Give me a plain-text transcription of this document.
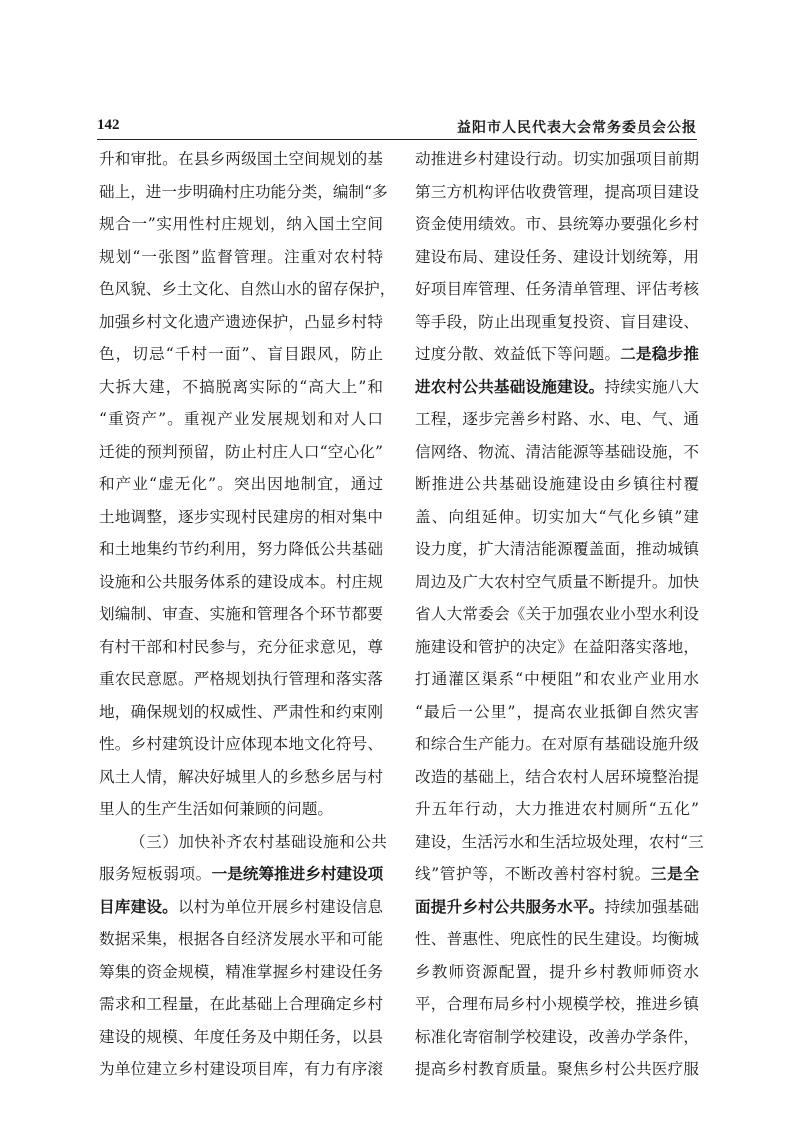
142	益阳市人民代表大会常务委员会公报
升和审批。在县乡两级国土空间规划的基
础上，进一步明确村庄功能分类，编制“多
规合一”实用性村庄规划，纳入国土空间
规划“一张图”监督管理。注重对农村特
色风貌、乡土文化、自然山水的留存保护，
加强乡村文化遗产遗迹保护，凸显乡村特
色，切忌“千村一面”、盲目跟风，防止
大拆大建，不搞脱离实际的“高大上”和
“重资产”。重视产业发展规划和对人口
迁徙的预判预留，防止村庄人口“空心化”
和产业“虚无化”。突出因地制宜，通过
土地调整，逐步实现村民建房的相对集中
和土地集约节约利用，努力降低公共基础
设施和公共服务体系的建设成本。村庄规
划编制、审查、实施和管理各个环节都要
有村干部和村民参与，充分征求意见，尊
重农民意愿。严格规划执行管理和落实落
地，确保规划的权威性、严肃性和约束刚
性。乡村建筑设计应体现本地文化符号、
风土人情，解决好城里人的乡愁乡居与村
里人的生产生活如何兼顾的问题。
（三）加快补齐农村基础设施和公共
服务短板弱项。一是统筹推进乡村建设项
目库建设。以村为单位开展乡村建设信息
数据采集，根据各自经济发展水平和可能
筹集的资金规模，精准掌握乡村建设任务
需求和工程量，在此基础上合理确定乡村
建设的规模、年度任务及中期任务，以县
为单位建立乡村建设项目库，有力有序滚
动推进乡村建设行动。切实加强项目前期
第三方机构评估收费管理，提高项目建设
资金使用绩效。市、县统筹办要强化乡村
建设布局、建设任务、建设计划统筹，用
好项目库管理、任务清单管理、评估考核
等手段，防止出现重复投资、盲目建设、
过度分散、效益低下等问题。二是稳步推
进农村公共基础设施建设。持续实施八大
工程，逐步完善乡村路、水、电、气、通
信网络、物流、清洁能源等基础设施，不
断推进公共基础设施建设由乡镇往村覆
盖、向组延伸。切实加大“气化乡镇”建
设力度，扩大清洁能源覆盖面，推动城镇
周边及广大农村空气质量不断提升。加快
省人大常委会《关于加强农业小型水利设
施建设和管护的决定》在益阳落实落地，
打通灌区渠系“中梗阻”和农业产业用水
“最后一公里”，提高农业抵御自然灾害
和综合生产能力。在对原有基础设施升级
改造的基础上，结合农村人居环境整治提
升五年行动，大力推进农村厕所“五化”
建设，生活污水和生活垃圾处理，农村“三
线”管护等，不断改善村容村貌。三是全
面提升乡村公共服务水平。持续加强基础
性、普惠性、兜底性的民生建设。均衡城
乡教师资源配置，提升乡村教师师资水
平，合理布局乡村小规模学校，推进乡镇
标准化寄宿制学校建设，改善办学条件，
提高乡村教育质量。聚焦乡村公共医疗服
